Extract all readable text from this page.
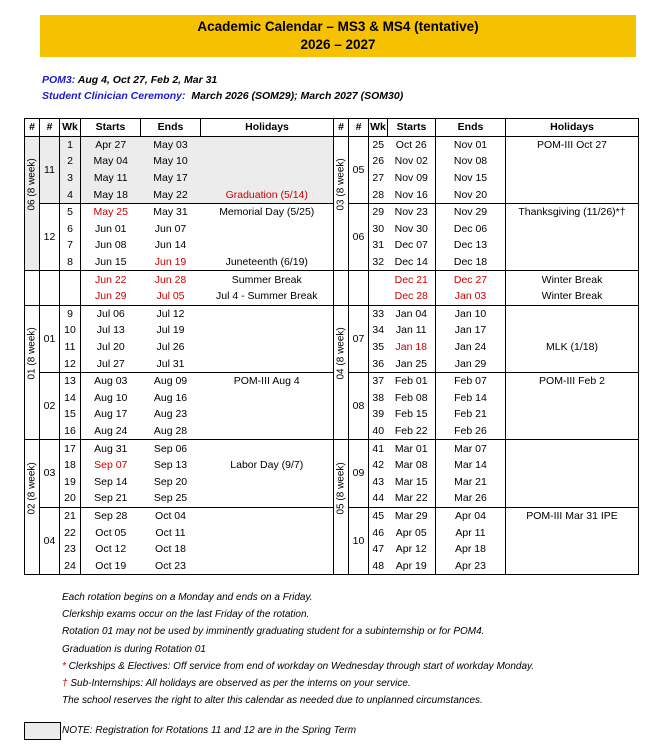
Academic Calendar – MS3 & MS4 (tentative)
2026 – 2027
POM3: Aug 4, Oct 27, Feb 2, Mar 31
Student Clinician Ceremony: March 2026 (SOM29); March 2027 (SOM30)
#	#	Wk	Starts	Ends	Holidays	#	#	Wk	Starts	Ends	Holidays

06 (8 week)	11	1	Apr 27	May 03		03 (8 week)	05	25	Oct 26	Nov 01	POM-III Oct 27
		2	May 04	May 10				26	Nov 02	Nov 08	
		3	May 11	May 17				27	Nov 09	Nov 15	
		4	May 18	May 22	Graduation (5/14)			28	Nov 16	Nov 20	
	12	5	May 25	May 31	Memorial Day (5/25)		06	29	Nov 23	Nov 29	Thanksgiving (11/26)*†
		6	Jun 01	Jun 07				30	Nov 30	Dec 06	
		7	Jun 08	Jun 14				31	Dec 07	Dec 13	
		8	Jun 15	Jun 19	Juneteenth (6/19)			32	Dec 14	Dec 18	
			Jun 22	Jun 28	Summer Break				Dec 21	Dec 27	Winter Break
			Jun 29	Jul 05	Jul 4 - Summer Break				Dec 28	Jan 03	Winter Break

01 (8 week)	01	9	Jul 06	Jul 12		04 (8 week)	07	33	Jan 04	Jan 10	
		10	Jul 13	Jul 19				34	Jan 11	Jan 17	
		11	Jul 20	Jul 26				35	Jan 18	Jan 24	MLK (1/18)
		12	Jul 27	Jul 31				36	Jan 25	Jan 29	
	02	13	Aug 03	Aug 09	POM-III Aug 4		08	37	Feb 01	Feb 07	POM-III Feb 2
		14	Aug 10	Aug 16				38	Feb 08	Feb 14	
		15	Aug 17	Aug 23				39	Feb 15	Feb 21	
		16	Aug 24	Aug 28				40	Feb 22	Feb 26	

02 (8 week)	03	17	Aug 31	Sep 06		05 (8 week)	09	41	Mar 01	Mar 07	
		18	Sep 07	Sep 13	Labor Day (9/7)			42	Mar 08	Mar 14	
		19	Sep 14	Sep 20				43	Mar 15	Mar 21	
		20	Sep 21	Sep 25				44	Mar 22	Mar 26	
	04	21	Sep 28	Oct 04			10	45	Mar 29	Apr 04	POM-III Mar 31 IPE
		22	Oct 05	Oct 11				46	Apr 05	Apr 11	
		23	Oct 12	Oct 18				47	Apr 12	Apr 18	
		24	Oct 19	Oct 23				48	Apr 19	Apr 23	
Each rotation begins on a Monday and ends on a Friday.
Clerkship exams occur on the last Friday of the rotation.
Rotation 01 may not be used by imminently graduating student for a subinternship or for POM4.
Graduation is during Rotation 01
* Clerkships & Electives: Off service from end of workday on Wednesday through start of workday Monday.
† Sub-Internships: All holidays are observed as per the interns on your service.
The school reserves the right to alter this calendar as needed due to unplanned circumstances.
NOTE: Registration for Rotations 11 and 12 are in the Spring Term
